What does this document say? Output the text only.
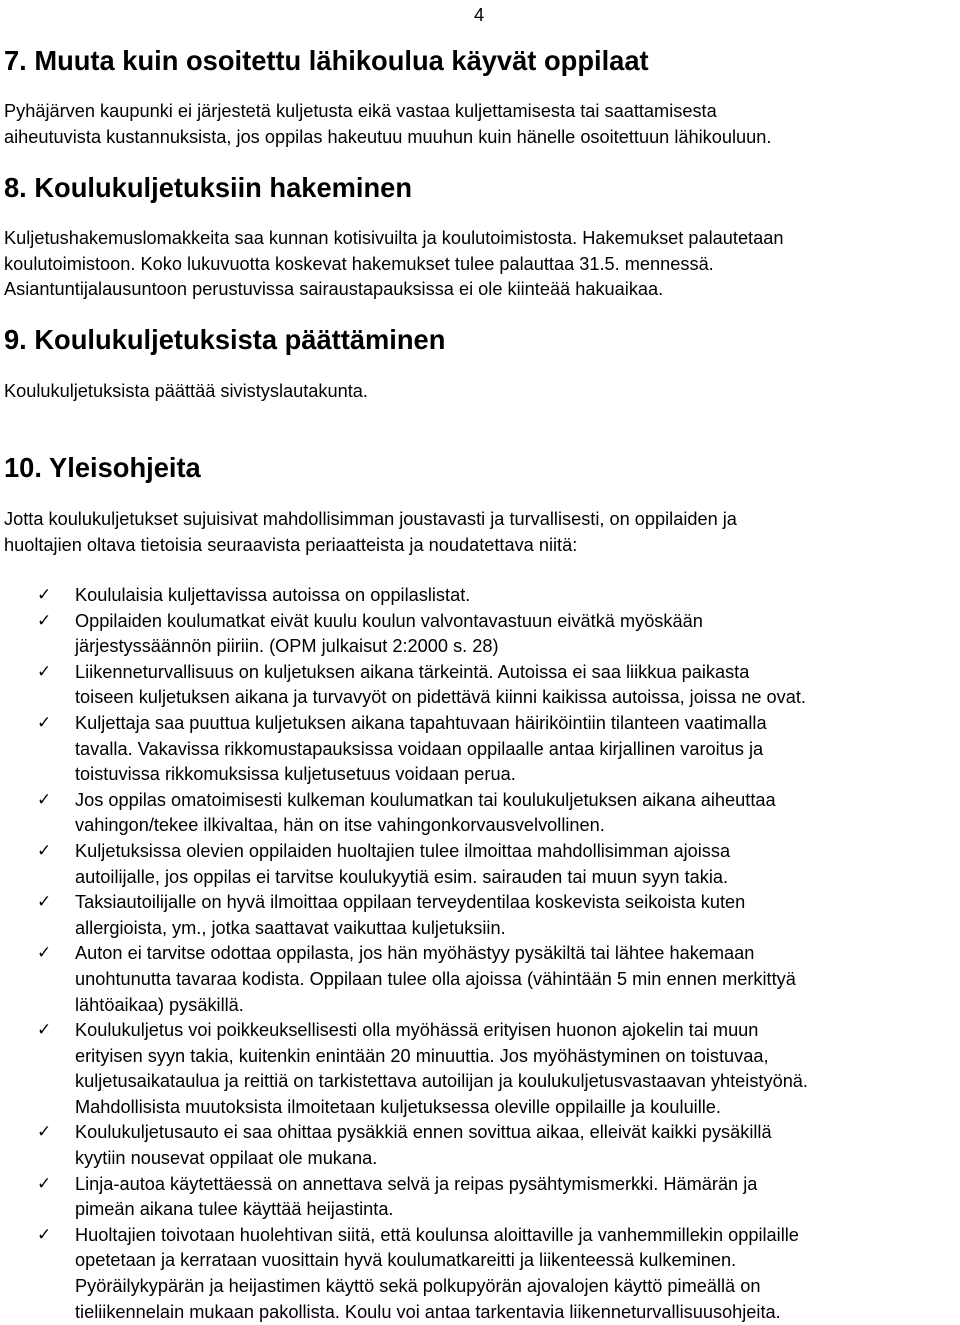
4

7. Muuta kuin osoitettu lähikoulua käyvät oppilaat

Pyhäjärven kaupunki ei järjestetä kuljetusta eikä vastaa kuljettamisesta tai saattamisesta
aiheutuvista kustannuksista, jos oppilas hakeutuu muuhun kuin hänelle osoitettuun lähikouluun.

8. Koulukuljetuksiin hakeminen

Kuljetushakemuslomakkeita saa kunnan kotisivuilta ja koulutoimistosta. Hakemukset palautetaan
koulutoimistoon. Koko lukuvuotta koskevat hakemukset tulee palauttaa 31.5. mennessä.
Asiantuntijalausuntoon perustuvissa sairaustapauksissa ei ole kiinteää hakuaikaa.

9. Koulukuljetuksista päättäminen

Koulukuljetuksista päättää sivistyslautakunta.

10. Yleisohjeita

Jotta koulukuljetukset sujuisivat mahdollisimman joustavasti ja turvallisesti, on oppilaiden ja
huoltajien oltava tietoisia seuraavista periaatteista ja noudatettava niitä:

✓ Koululaisia kuljettavissa autoissa on oppilaslistat.
✓ Oppilaiden koulumatkat eivät kuulu koulun valvontavastuun eivätkä myöskään
järjestyssäännön piiriin. (OPM julkaisut 2:2000 s. 28)
✓ Liikenneturvallisuus on kuljetuksen aikana tärkeintä. Autoissa ei saa liikkua paikasta
toiseen kuljetuksen aikana ja turvavyöt on pidettävä kiinni kaikissa autoissa, joissa ne ovat.
✓ Kuljettaja saa puuttua kuljetuksen aikana tapahtuvaan häiriköintiin tilanteen vaatimalla
tavalla. Vakavissa rikkomustapauksissa voidaan oppilaalle antaa kirjallinen varoitus ja
toistuvissa rikkomuksissa kuljetusetuus voidaan perua.
✓ Jos oppilas omatoimisesti kulkeman koulumatkan tai koulukuljetuksen aikana aiheuttaa
vahingon/tekee ilkivaltaa, hän on itse vahingonkorvausvelvollinen.
✓ Kuljetuksissa olevien oppilaiden huoltajien tulee ilmoittaa mahdollisimman ajoissa
autoilijalle, jos oppilas ei tarvitse koulukyytiä esim. sairauden tai muun syyn takia.
✓ Taksiautoilijalle on hyvä ilmoittaa oppilaan terveydentilaa koskevista seikoista kuten
allergioista, ym., jotka saattavat vaikuttaa kuljetuksiin.
✓ Auton ei tarvitse odottaa oppilasta, jos hän myöhästyy pysäkiltä tai lähtee hakemaan
unohtunutta tavaraa kodista. Oppilaan tulee olla ajoissa (vähintään 5 min ennen merkittyä
lähtöaikaa) pysäkillä.
✓ Koulukuljetus voi poikkeuksellisesti olla myöhässä erityisen huonon ajokelin tai muun
erityisen syyn takia, kuitenkin enintään 20 minuuttia. Jos myöhästyminen on toistuvaa,
kuljetusaikataulua ja reittiä on tarkistettava autoilijan ja koulukuljetusvastaavan yhteistyönä.
Mahdollisista muutoksista ilmoitetaan kuljetuksessa oleville oppilaille ja kouluille.
✓ Koulukuljetusauto ei saa ohittaa pysäkkiä ennen sovittua aikaa, elleivät kaikki pysäkillä
kyytiin nousevat oppilaat ole mukana.
✓ Linja-autoa käytettäessä on annettava selvä ja reipas pysähtymismerkki. Hämärän ja
pimeän aikana tulee käyttää heijastinta.
✓ Huoltajien toivotaan huolehtivan siitä, että koulunsa aloittaville ja vanhemmillekin oppilaille
opetetaan ja kerrataan vuosittain hyvä koulumatkareitti ja liikenteessä kulkeminen.
Pyöräilykypärän ja heijastimen käyttö sekä polkupyörän ajovalojen käyttö pimeällä on
tieliikennelain mukaan pakollista. Koulu voi antaa tarkentavia liikenneturvallisuusohjeita.
